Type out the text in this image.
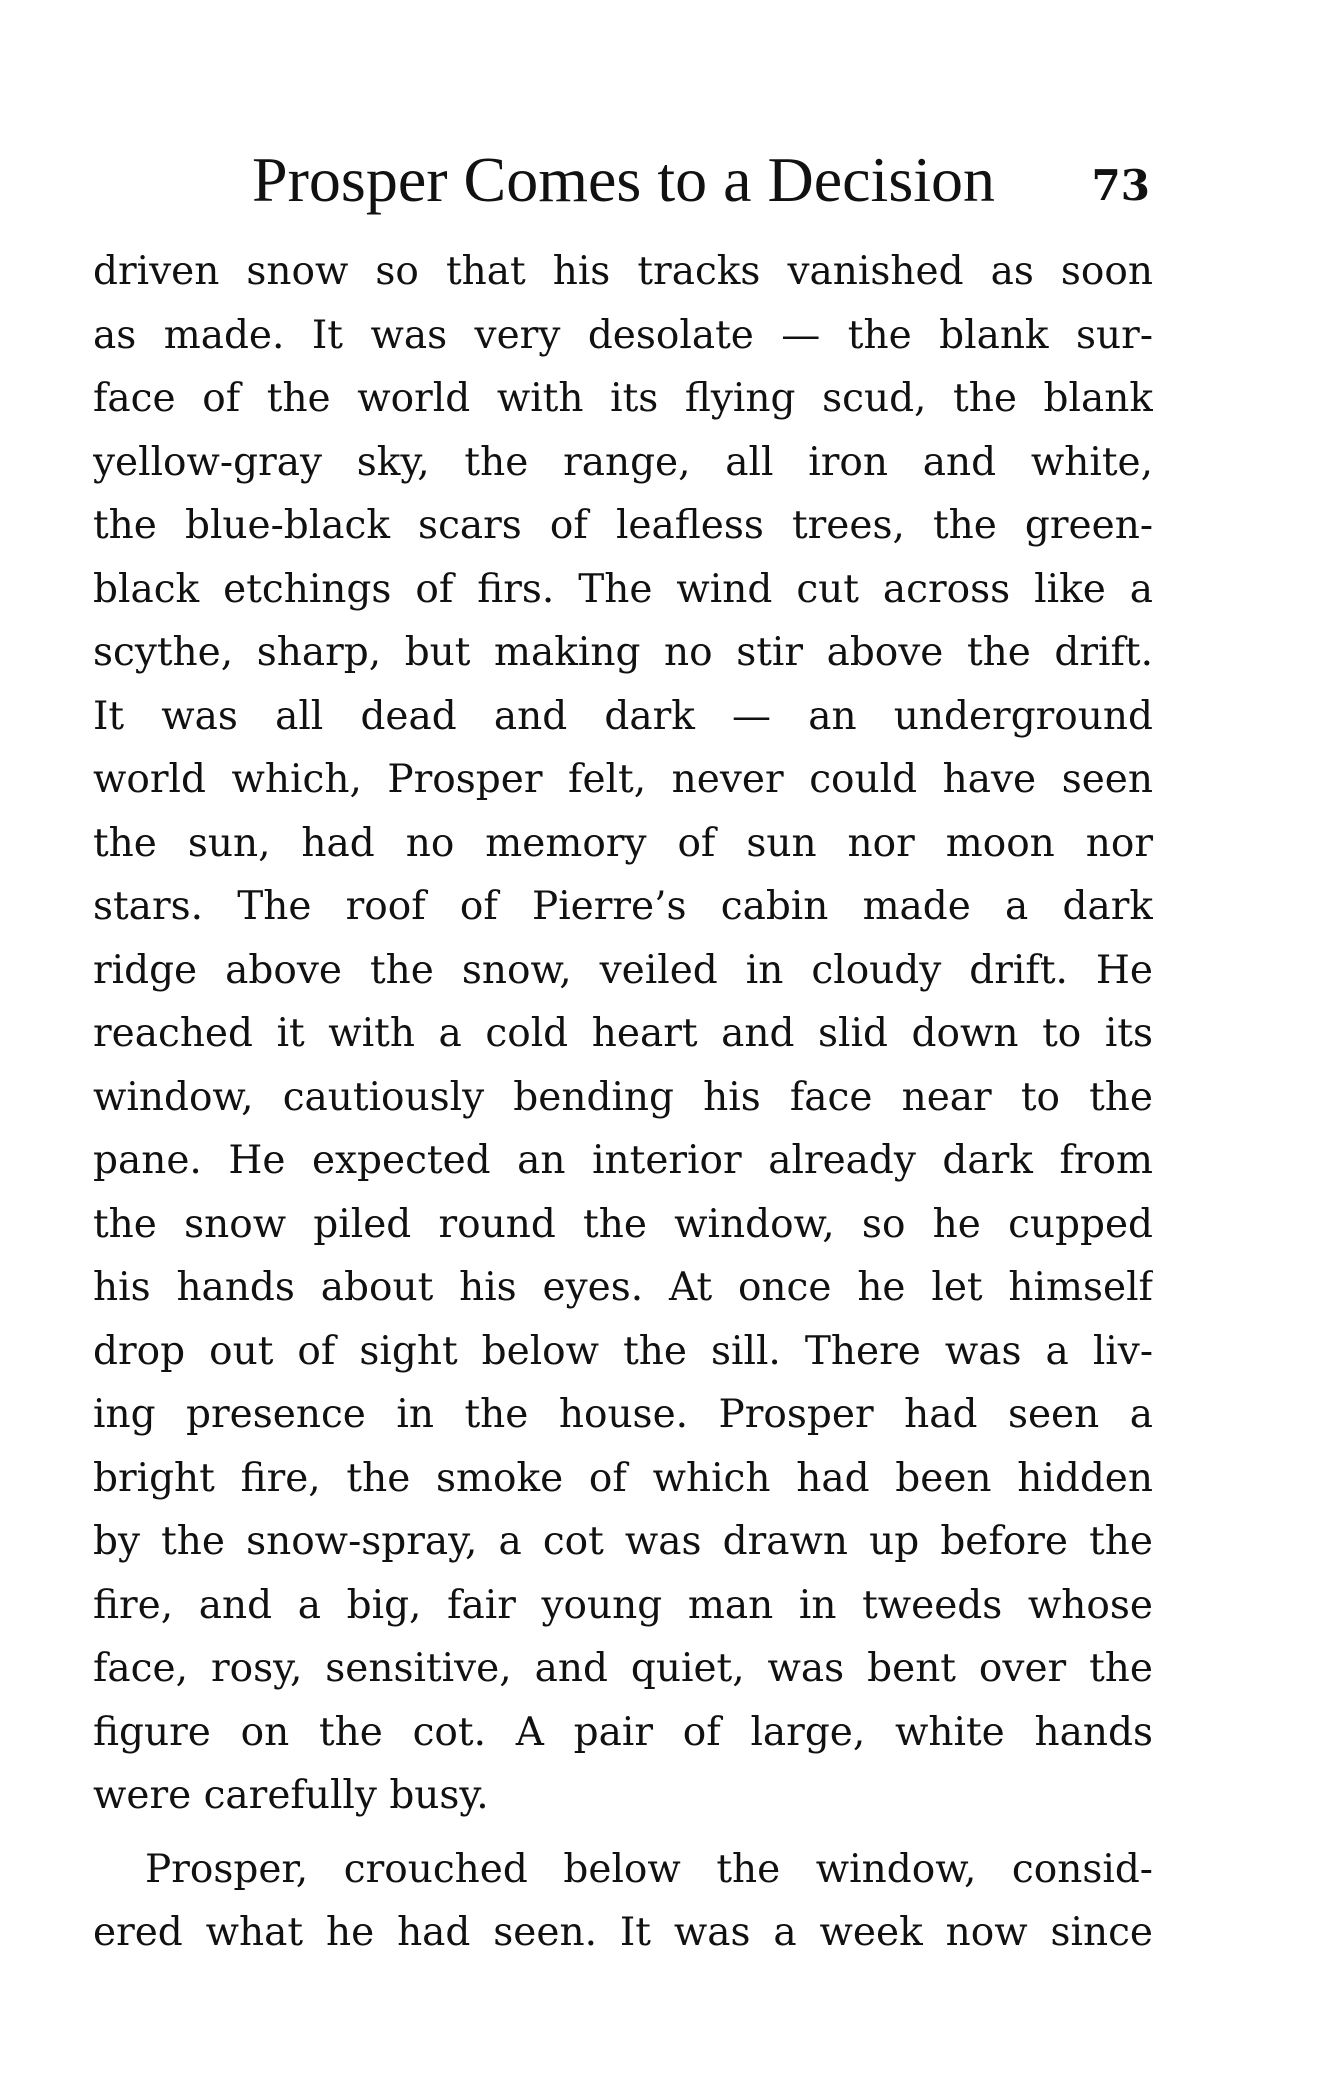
Prosper Comes to a Decision 73
driven snow so that his tracks vanished as soon
as made. It was very desolate — the blank sur-
face of the world with its flying scud, the blank
yellow-gray sky, the range, all iron and white,
the blue-black scars of leafless trees, the green-
black etchings of firs. The wind cut across like a
scythe, sharp, but making no stir above the drift.
It was all dead and dark — an underground
world which, Prosper felt, never could have seen
the sun, had no memory of sun nor moon nor
stars. The roof of Pierre’s cabin made a dark
ridge above the snow, veiled in cloudy drift. He
reached it with a cold heart and slid down to its
window, cautiously bending his face near to the
pane. He expected an interior already dark from
the snow piled round the window, so he cupped
his hands about his eyes. At once he let himself
drop out of sight below the sill. There was a liv-
ing presence in the house. Prosper had seen a
bright fire, the smoke of which had been hidden
by the snow-spray, a cot was drawn up before the
fire, and a big, fair young man in tweeds whose
face, rosy, sensitive, and quiet, was bent over the
figure on the cot. A pair of large, white hands
were carefully busy.
Prosper, crouched below the window, consid-
ered what he had seen. It was a week now since
